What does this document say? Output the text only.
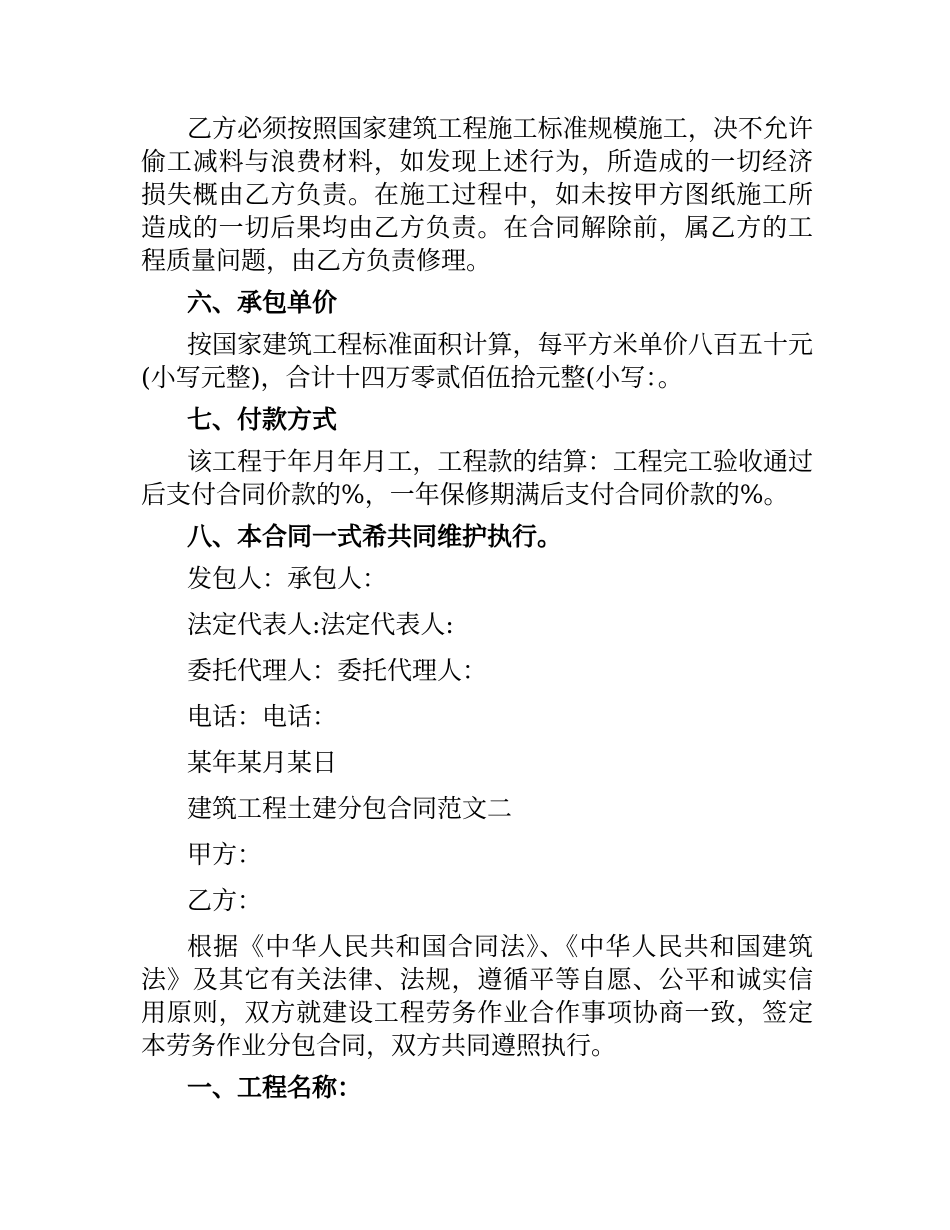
乙方必须按照国家建筑工程施工标准规模施工，决不允许偷工减料与浪费材料，如发现上述行为，所造成的一切经济损失概由乙方负责。在施工过程中，如未按甲方图纸施工所造成的一切后果均由乙方负责。在合同解除前，属乙方的工程质量问题，由乙方负责修理。

六、承包单价

按国家建筑工程标准面积计算，每平方米单价八百五十元(小写元整)，合计十四万零贰佰伍拾元整(小写：。

七、付款方式

该工程于年月年月工，工程款的结算：工程完工验收通过后支付合同价款的%，一年保修期满后支付合同价款的%。

八、本合同一式希共同维护执行。

发包人：承包人：

法定代表人:法定代表人:

委托代理人：委托代理人：

电话：电话：

某年某月某日

建筑工程土建分包合同范文二

甲方：

乙方：

根据《中华人民共和国合同法》、《中华人民共和国建筑法》及其它有关法律、法规，遵循平等自愿、公平和诚实信用原则，双方就建设工程劳务作业合作事项协商一致，签定本劳务作业分包合同，双方共同遵照执行。

一、工程名称：
